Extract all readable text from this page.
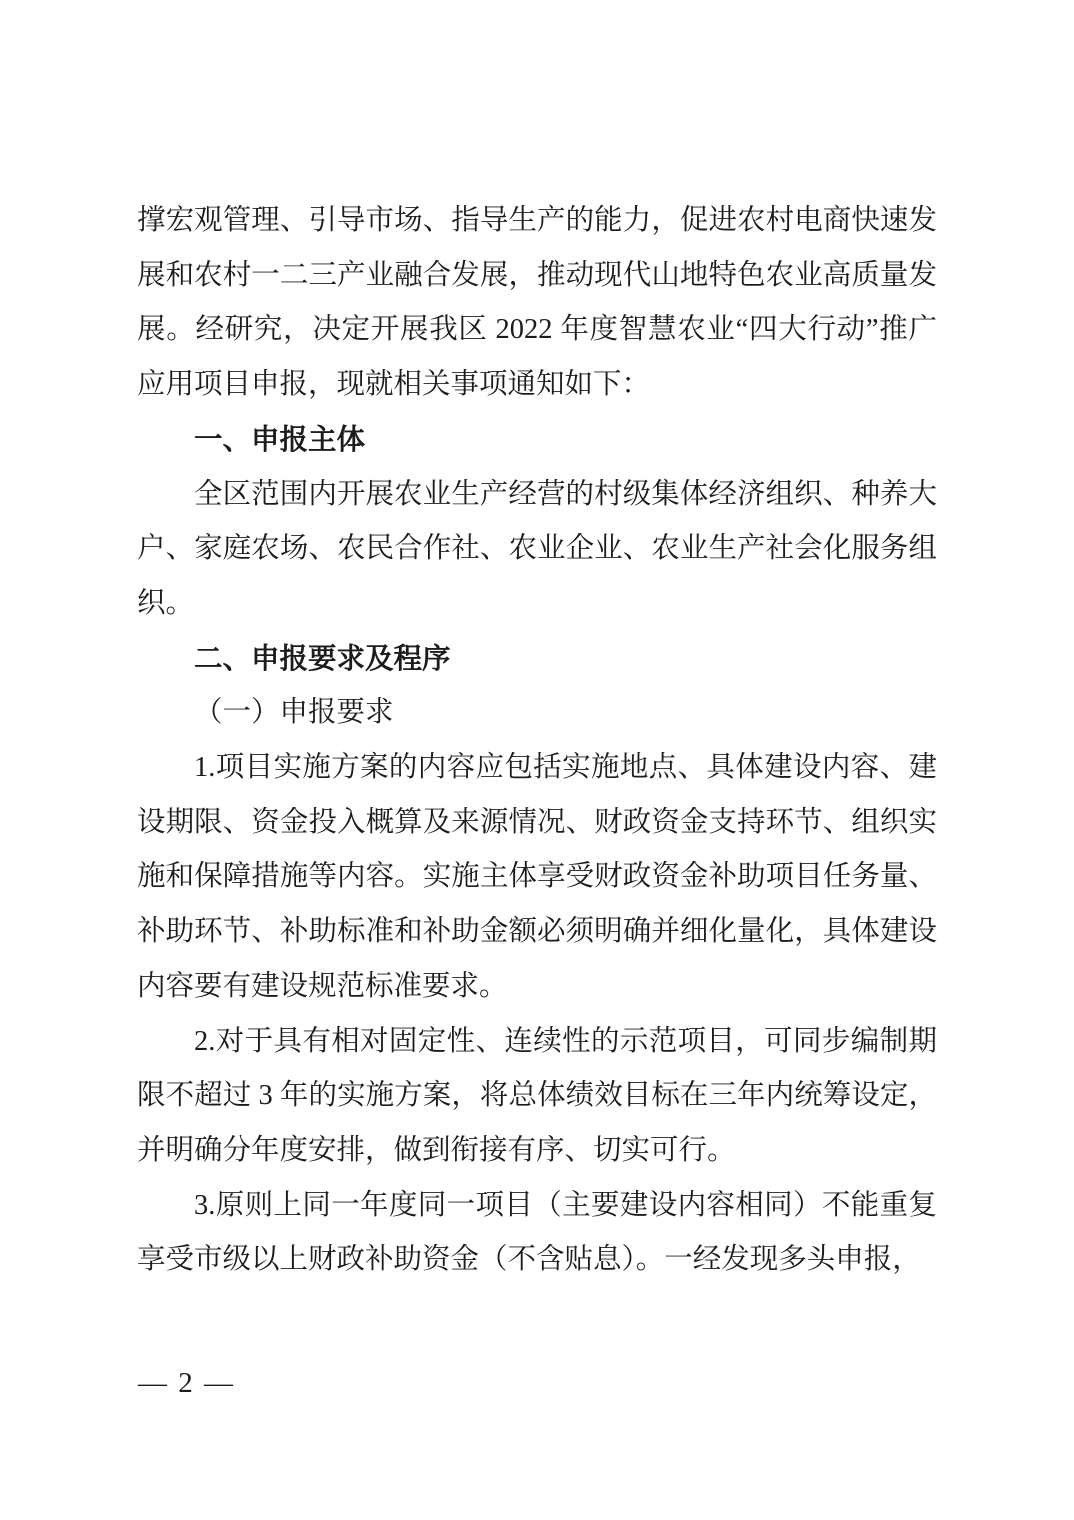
撑宏观管理、引导市场、指导生产的能力，促进农村电商快速发展和农村一二三产业融合发展，推动现代山地特色农业高质量发展。经研究，决定开展我区 2022 年度智慧农业“四大行动”推广应用项目申报，现就相关事项通知如下：

一、申报主体

全区范围内开展农业生产经营的村级集体经济组织、种养大户、家庭农场、农民合作社、农业企业、农业生产社会化服务组织。

二、申报要求及程序
（一）申报要求

1.项目实施方案的内容应包括实施地点、具体建设内容、建设期限、资金投入概算及来源情况、财政资金支持环节、组织实施和保障措施等内容。实施主体享受财政资金补助项目任务量、补助环节、补助标准和补助金额必须明确并细化量化，具体建设内容要有建设规范标准要求。

2.对于具有相对固定性、连续性的示范项目，可同步编制期限不超过 3 年的实施方案，将总体绩效目标在三年内统筹设定，并明确分年度安排，做到衔接有序、切实可行。

3.原则上同一年度同一项目（主要建设内容相同）不能重复享受市级以上财政补助资金（不含贴息）。一经发现多头申报，

— 2 —
